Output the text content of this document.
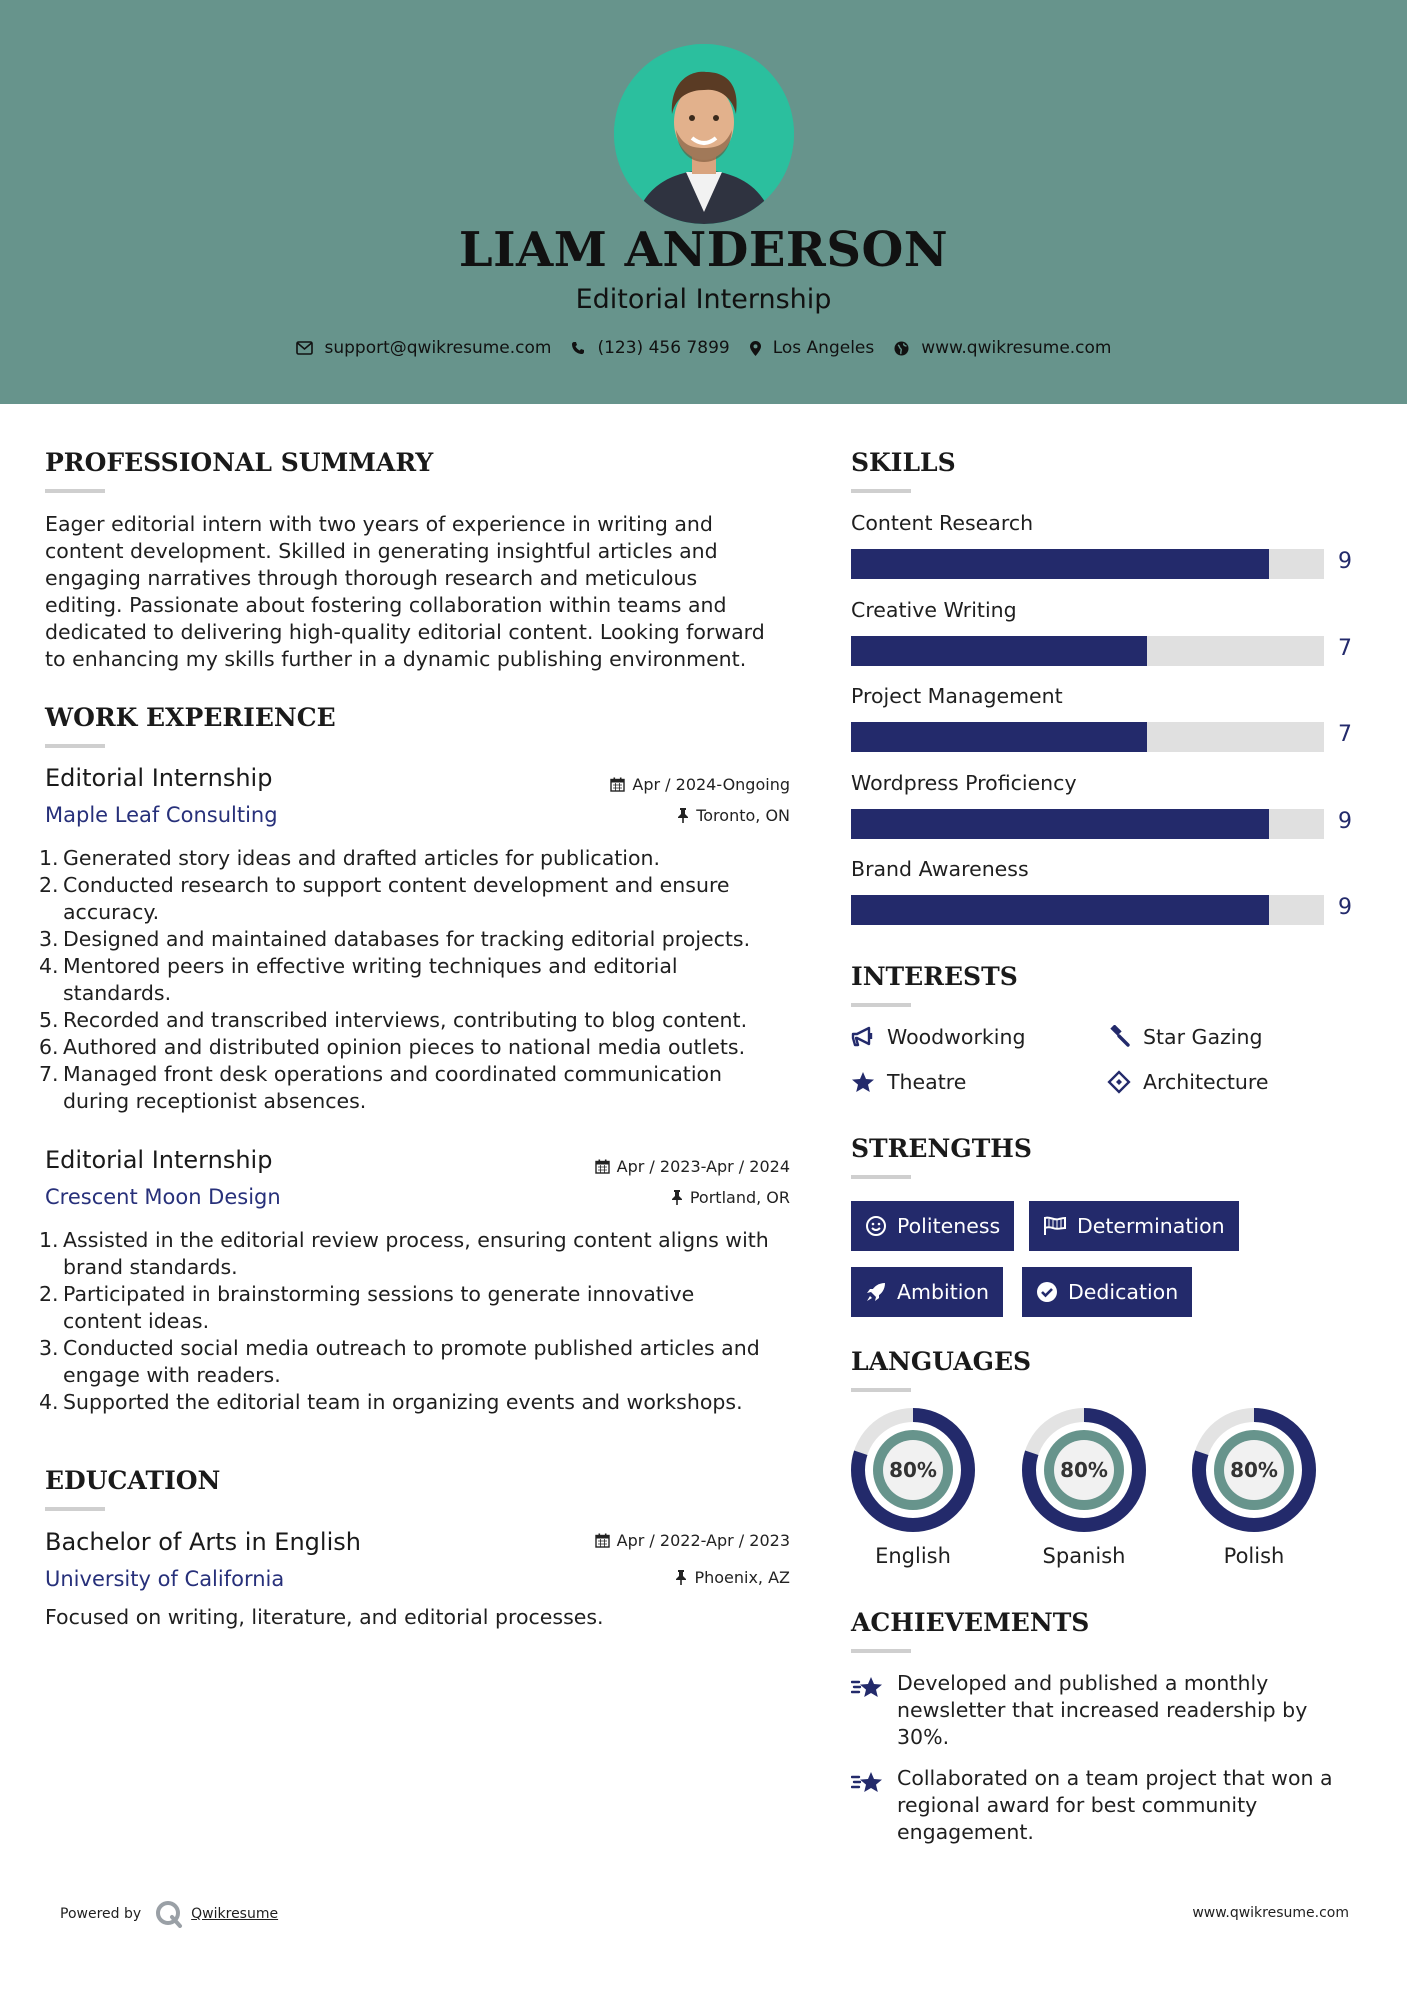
LIAM ANDERSON
Editorial Internship
support@qwikresume.com	(123) 456 7899	Los Angeles	www.qwikresume.com
PROFESSIONAL SUMMARY
Eager editorial intern with two years of experience in writing and
content development. Skilled in generating insightful articles and
engaging narratives through thorough research and meticulous
editing. Passionate about fostering collaboration within teams and
dedicated to delivering high-quality editorial content. Looking forward
to enhancing my skills further in a dynamic publishing environment.
WORK EXPERIENCE
Editorial Internship
Maple Leaf Consulting
Apr / 2024-Ongoing
Toronto, ON
1. Generated story ideas and drafted articles for publication.
2. Conducted research to support content development and ensure
accuracy.
3. Designed and maintained databases for tracking editorial projects.
4. Mentored peers in effective writing techniques and editorial
standards.
5. Recorded and transcribed interviews, contributing to blog content.
6. Authored and distributed opinion pieces to national media outlets.
7. Managed front desk operations and coordinated communication
during receptionist absences.
Editorial Internship
Crescent Moon Design
Apr / 2023-Apr / 2024
Portland, OR
1. Assisted in the editorial review process, ensuring content aligns with
brand standards.
2. Participated in brainstorming sessions to generate innovative
content ideas.
3. Conducted social media outreach to promote published articles and
engage with readers.
4. Supported the editorial team in organizing events and workshops.
EDUCATION
Bachelor of Arts in English
University of California
Apr / 2022-Apr / 2023
Phoenix, AZ
Focused on writing, literature, and editorial processes.
SKILLS
Content Research
9
Creative Writing
7
Project Management
7
Wordpress Proficiency
9
Brand Awareness
9
INTERESTS
Woodworking	Star Gazing
Theatre	Architecture
STRENGTHS
Politeness	Determination
Ambition	Dedication
LANGUAGES
80%
English
80%
Spanish
80%
Polish
ACHIEVEMENTS
Developed and published a monthly
newsletter that increased readership by
30%.
Collaborated on a team project that won a
regional award for best community
engagement.
Powered by	Qwikresume	www.qwikresume.com
